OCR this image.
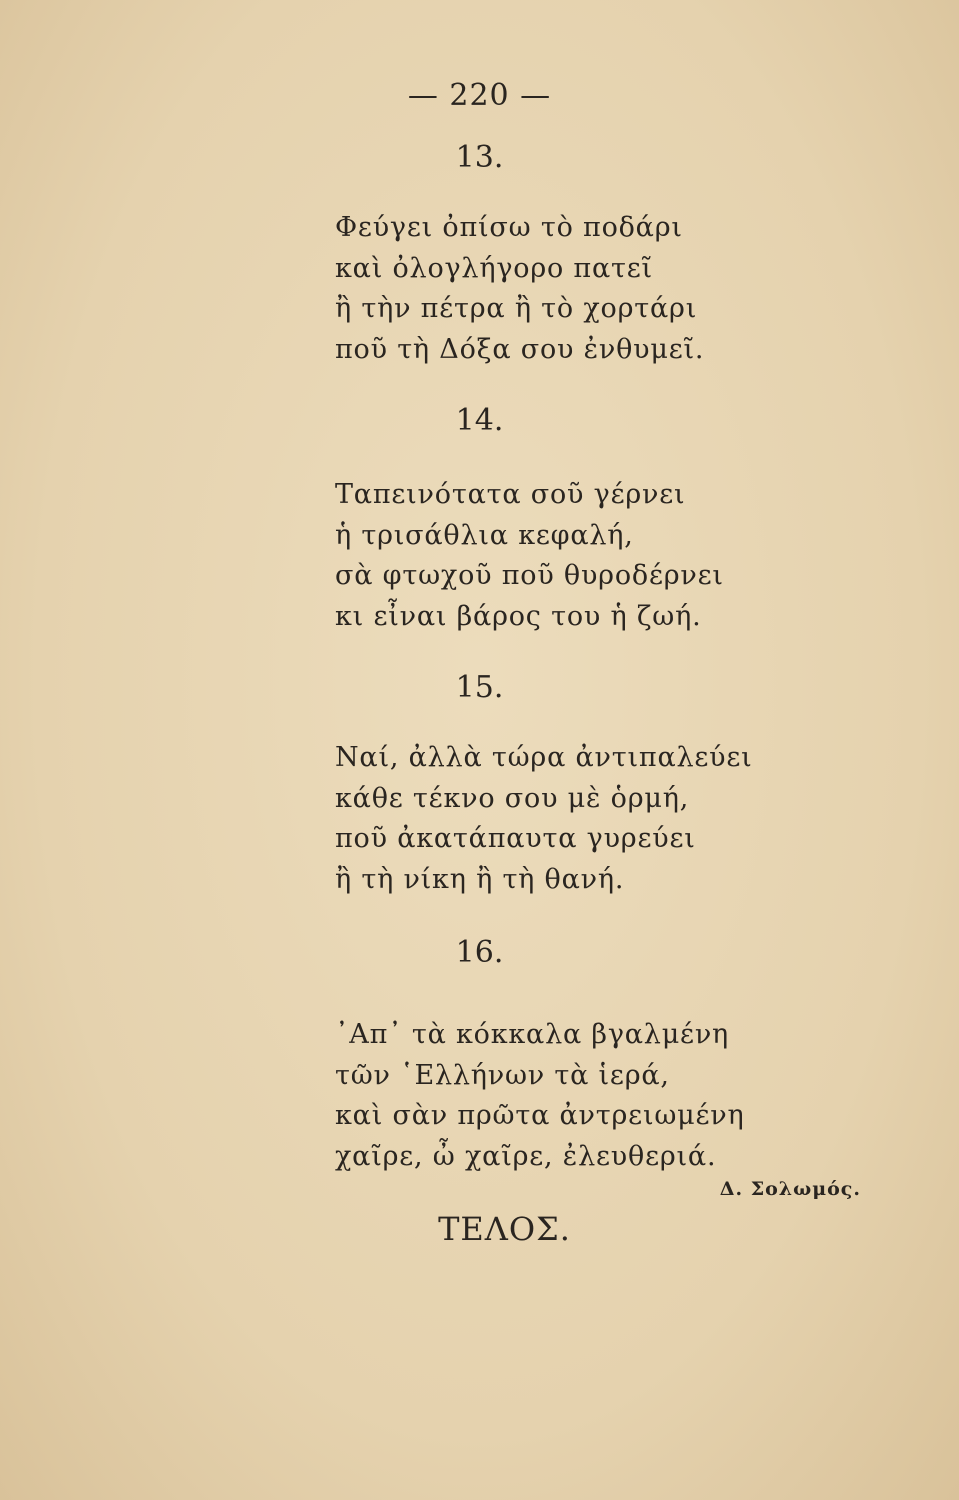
— 220 —
13.
Φεύγει ὀπίσω τὸ ποδάρι
καὶ ὀλογλήγορο πατεῖ
ἢ τὴν πέτρα ἢ τὸ χορτάρι
ποῦ τὴ Δόξα σου ἐνθυμεῖ.
14.
Ταπεινότατα σοῦ γέρνει
ἡ τρισάθλια κεφαλή,
σὰ φτωχοῦ ποῦ θυροδέρνει
κι εἶναι βάρος του ἡ ζωή.
15.
Ναί, ἀλλὰ τώρα ἀντιπαλεύει
κάθε τέκνο σου μὲ ὁρμή,
ποῦ ἀκατάπαυτα γυρεύει
ἢ τὴ νίκη ἢ τὴ θανή.
16.
᾿Απ᾿ τὰ κόκκαλα βγαλμένη
τῶν ῾Ελλήνων τὰ ἱερά,
καὶ σὰν πρῶτα ἀντρειωμένη
χαῖρε, ὦ χαῖρε, ἐλευθεριά.
Δ. Σολωμός.
ΤΕΛΟΣ.
